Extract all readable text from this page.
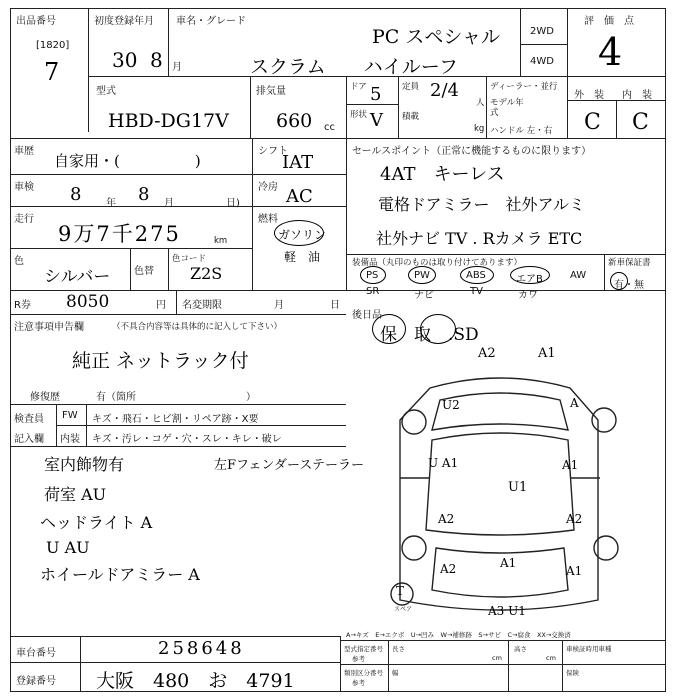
出品番号
[1820]
7
初度登録年月
30 8 月
車名・グレード
PC スペシャル
スクラム　　ハイルーフ
2WD
4WD
評　価　点
4
外　装 内　装
C C
型式
HBD-DG17V
排気量
660 cc
ドア 5
形状 V
定員 2/4
人
積載
kg
ディーラー・並行
モデル年式
ハンドル 左・右
車歴
自家用・(　　　　　)
シフト
IAT
車検 8 年 8 月	日)
冷房 AC
走行
9万7千275	km
燃料
ガソリン
軽　油
色
シルバー 色替
色コード
Z2S
セールスポイント（正常に機能するものに限ります）
4AT　キーレス
電格ドアミラー　社外アルミ
社外ナビ TV . Rカメラ ETC
装備品（丸印のものは取り付けてあります）	新車保証書
PS	PW	ABS	エアB	AW
SR	ナビ	TV	カワ
有・無
R券 8050	円 名変期限	月	日
後日品
保　取　.SD
注意事項申告欄	（不具合内容等は具体的に記入して下さい）
純正 ネットラック付
修復歴	有（箇所　　　　　　　　　　　）
検査員
記入欄
FW キズ・飛石・ヒビ割・リペア跡・X要
内装 キズ・汚レ・コゲ・穴・スレ・キレ・破レ
室内飾物有
荷室 AU
ヘッドライト A
U AU
ホイールドアミラー A
左Fフェンダーステーラー
A2	A1
U2	A
U A1
U1
A1
A2	A2
A2	A1
A1
T
スペア	A3 U1
A→キズ　E→エクボ　U→凹み　W→補修跡　S→サビ　C→腐食　XX→交換済
車台番号	258648
登録番号 大阪　480　お　4791
型式指定番号
参考
長さ
幅
高さ
cm	cm
類別区分番号
参考
車検証時用車種
保険
